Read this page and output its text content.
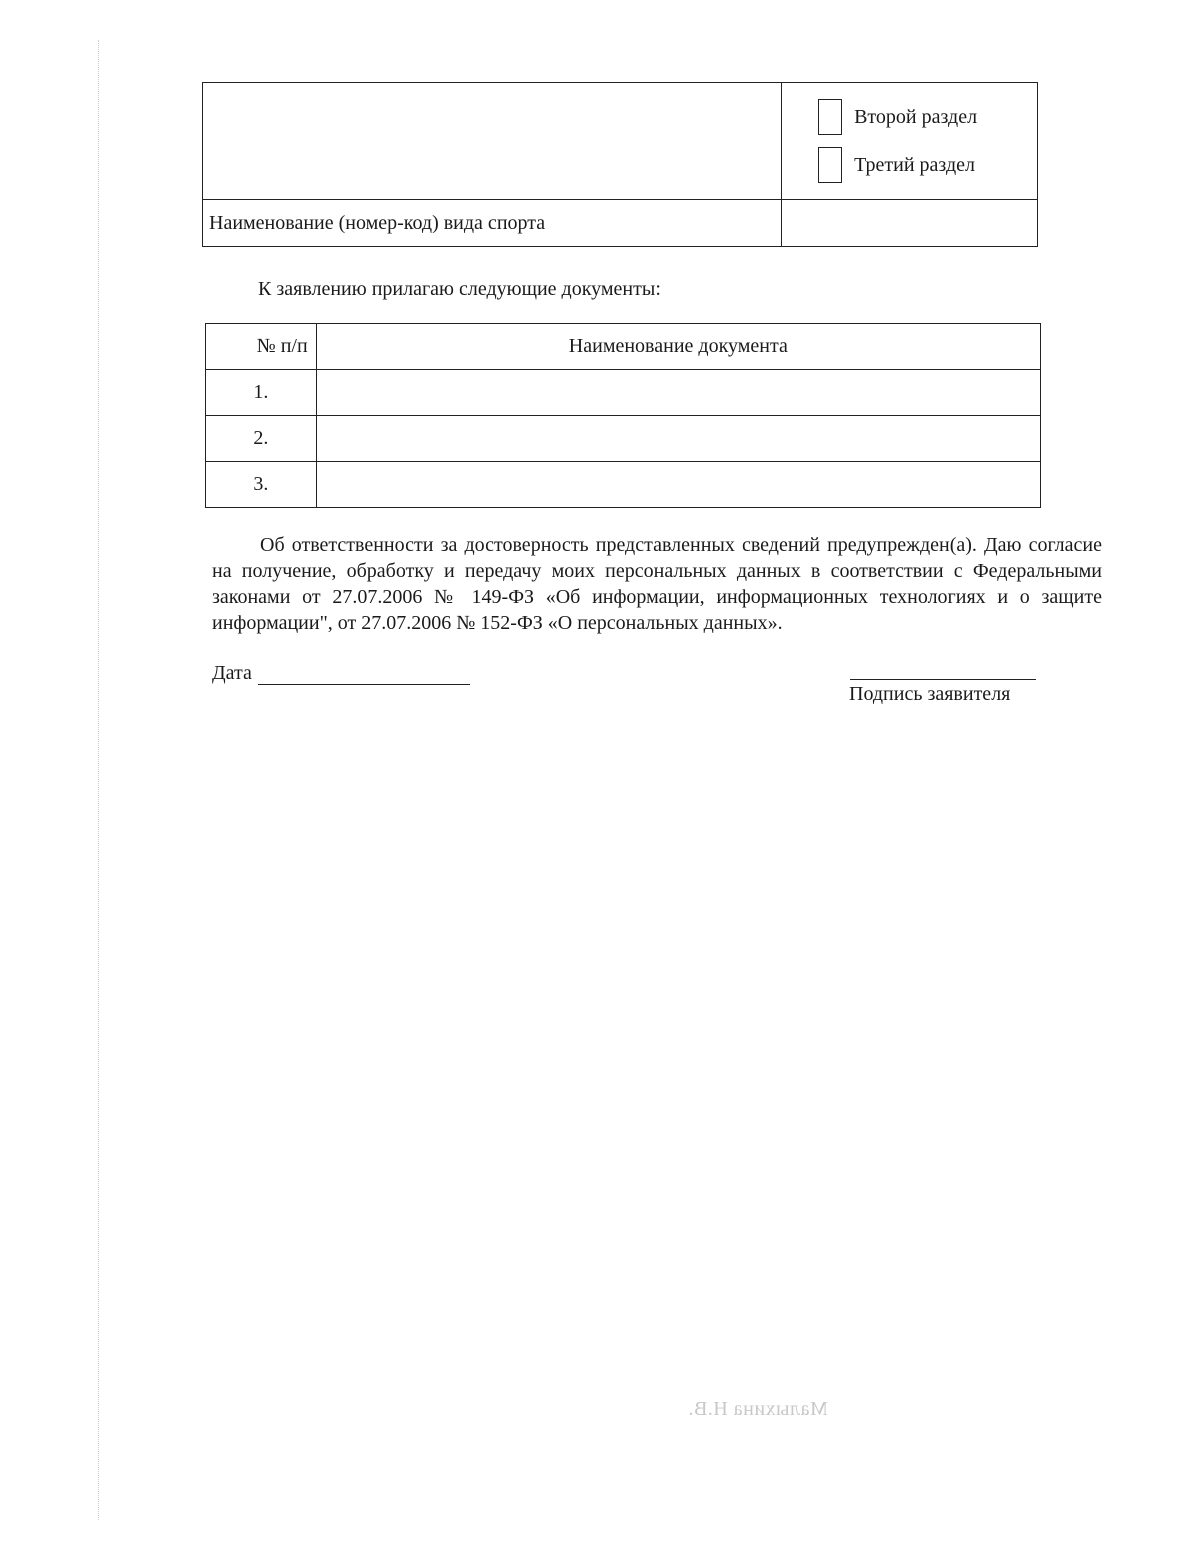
	Второй раздел
Третий раздел

Наименование (номер-код) вида спорта	
К заявлению прилагаю следующие документы:
№ п/п	Наименование документа
1.	
2.	
3.	

Об ответственности за достоверность представленных сведений предупрежден(а). Даю согласие на получение, обработку и передачу моих персональных данных в соответствии с Федеральными законами от 27.07.2006 № 149-ФЗ «Об информации, информационных технологиях и о защите информации", от 27.07.2006 № 152-ФЗ «О персональных данных».

Дата
Подпись заявителя
Малыхина Н.В.
